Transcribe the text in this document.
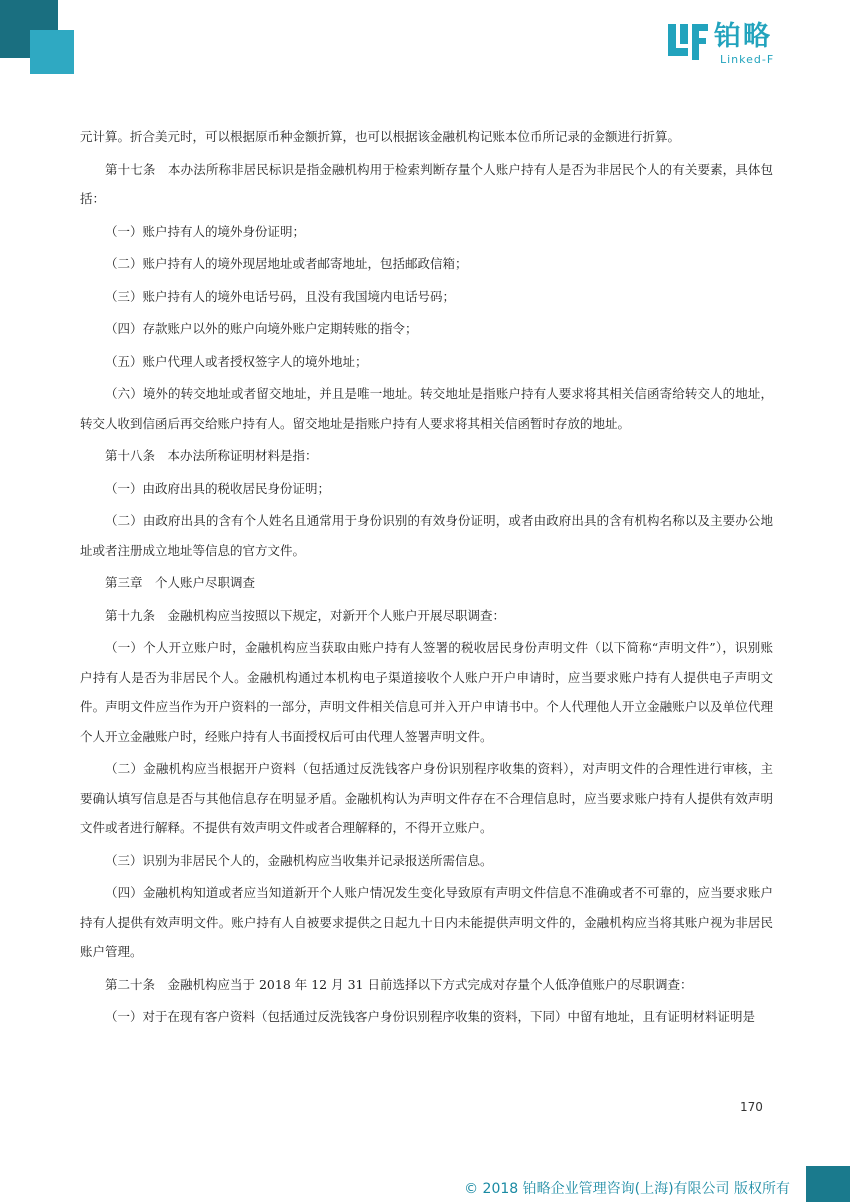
铂略
Linked-F

元计算。折合美元时，可以根据原币种金额折算，也可以根据该金融机构记账本位币所记录的金额进行折算。

第十七条　本办法所称非居民标识是指金融机构用于检索判断存量个人账户持有人是否为非居民个人的有关要素，具体包括：

（一）账户持有人的境外身份证明；

（二）账户持有人的境外现居地址或者邮寄地址，包括邮政信箱；

（三）账户持有人的境外电话号码，且没有我国境内电话号码；

（四）存款账户以外的账户向境外账户定期转账的指令；

（五）账户代理人或者授权签字人的境外地址；

（六）境外的转交地址或者留交地址，并且是唯一地址。转交地址是指账户持有人要求将其相关信函寄给转交人的地址，转交人收到信函后再交给账户持有人。留交地址是指账户持有人要求将其相关信函暂时存放的地址。

第十八条　本办法所称证明材料是指：

（一）由政府出具的税收居民身份证明；

（二）由政府出具的含有个人姓名且通常用于身份识别的有效身份证明，或者由政府出具的含有机构名称以及主要办公地址或者注册成立地址等信息的官方文件。

第三章　个人账户尽职调查

第十九条　金融机构应当按照以下规定，对新开个人账户开展尽职调查：

（一）个人开立账户时，金融机构应当获取由账户持有人签署的税收居民身份声明文件（以下简称“声明文件”），识别账户持有人是否为非居民个人。金融机构通过本机构电子渠道接收个人账户开户申请时，应当要求账户持有人提供电子声明文件。声明文件应当作为开户资料的一部分，声明文件相关信息可并入开户申请书中。个人代理他人开立金融账户以及单位代理个人开立金融账户时，经账户持有人书面授权后可由代理人签署声明文件。

（二）金融机构应当根据开户资料（包括通过反洗钱客户身份识别程序收集的资料），对声明文件的合理性进行审核，主要确认填写信息是否与其他信息存在明显矛盾。金融机构认为声明文件存在不合理信息时，应当要求账户持有人提供有效声明文件或者进行解释。不提供有效声明文件或者合理解释的，不得开立账户。

（三）识别为非居民个人的，金融机构应当收集并记录报送所需信息。

（四）金融机构知道或者应当知道新开个人账户情况发生变化导致原有声明文件信息不准确或者不可靠的，应当要求账户持有人提供有效声明文件。账户持有人自被要求提供之日起九十日内未能提供声明文件的，金融机构应当将其账户视为非居民账户管理。

第二十条　金融机构应当于 2018 年 12 月 31 日前选择以下方式完成对存量个人低净值账户的尽职调查：

（一）对于在现有客户资料（包括通过反洗钱客户身份识别程序收集的资料，下同）中留有地址，且有证明材料证明是

170
© 2018 铂略企业管理咨询(上海)有限公司 版权所有
